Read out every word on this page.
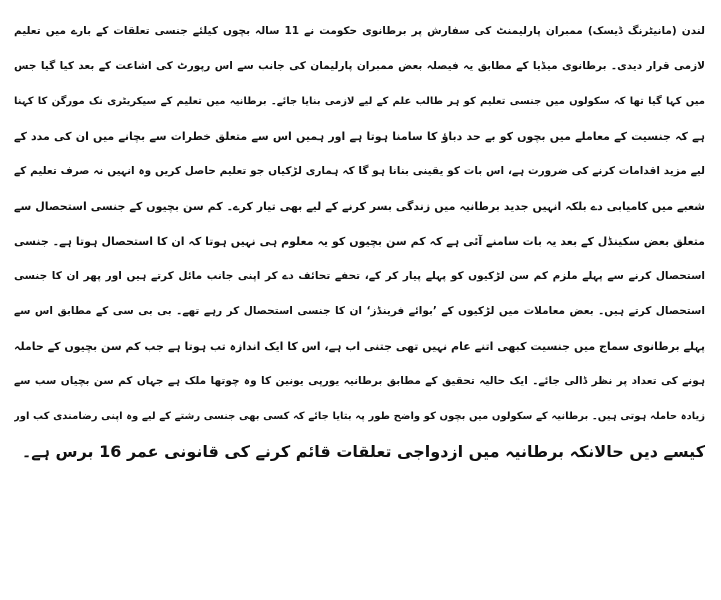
لندن (مانیٹرنگ ڈیسک) ممبران پارلیمنٹ کی سفارش پر برطانوی حکومت نے 11 سالہ بچوں کیلئے جنسی تعلقات کے بارے میں تعلیم
لازمی قرار دیدی۔ برطانوی میڈیا کے مطابق یہ فیصلہ بعض ممبران پارلیمان کی جانب سے اس رپورٹ کی اشاعت کے بعد کیا گیا جس
میں کہا گیا تھا کہ سکولوں میں جنسی تعلیم کو ہر طالب علم کے لیے لازمی بنایا جائے۔ برطانیہ میں تعلیم کے سیکریٹری نک مورگن کا کہنا
ہے کہ جنسیت کے معاملے میں بچوں کو بے حد دباؤ کا سامنا ہوتا ہے اور ہمیں اس سے متعلق خطرات سے بچانے میں ان کی مدد کے
لیے مزید اقدامات کرنے کی ضرورت ہے، اس بات کو یقینی بنانا ہو گا کہ ہماری لڑکیاں جو تعلیم حاصل کریں وہ انہیں نہ صرف تعلیم کے
شعبے میں کامیابی دے بلکہ انہیں جدید برطانیہ میں زندگی بسر کرنے کے لیے بھی تیار کرے۔ کم سن بچیوں کے جنسی استحصال سے
متعلق بعض سکینڈل کے بعد یہ بات سامنے آئی ہے کہ کم سن بچیوں کو یہ معلوم ہی نہیں ہوتا کہ ان کا استحصال ہوتا ہے۔ جنسی
استحصال کرنے سے پہلے ملزم کم سن لڑکیوں کو پہلے پیار کر کے، تحفے تحائف دے کر اپنی جانب مائل کرتے ہیں اور پھر ان کا جنسی
استحصال کرتے ہیں۔ بعض معاملات میں لڑکیوں کے ’بوائے فرینڈز‘ ان کا جنسی استحصال کر رہے تھے۔ بی بی سی کے مطابق اس سے
پہلے برطانوی سماج میں جنسیت کبھی اتنے عام نہیں تھی جتنی اب ہے، اس کا ایک اندازہ تب ہوتا ہے جب کم سن بچیوں کے حاملہ
ہونے کی تعداد پر نظر ڈالی جائے۔ ایک حالیہ تحقیق کے مطابق برطانیہ یورپی یونین کا وہ چوتھا ملک ہے جہاں کم سن بچیاں سب سے
زیادہ حاملہ ہوتی ہیں۔ برطانیہ کے سکولوں میں بچوں کو واضح طور پہ بتایا جائے کہ کسی بھی جنسی رشتے کے لیے وہ اپنی رضامندی کب اور
کیسے دیں حالانکہ برطانیہ میں ازدواجی تعلقات قائم کرنے کی قانونی عمر 16 برس ہے۔
